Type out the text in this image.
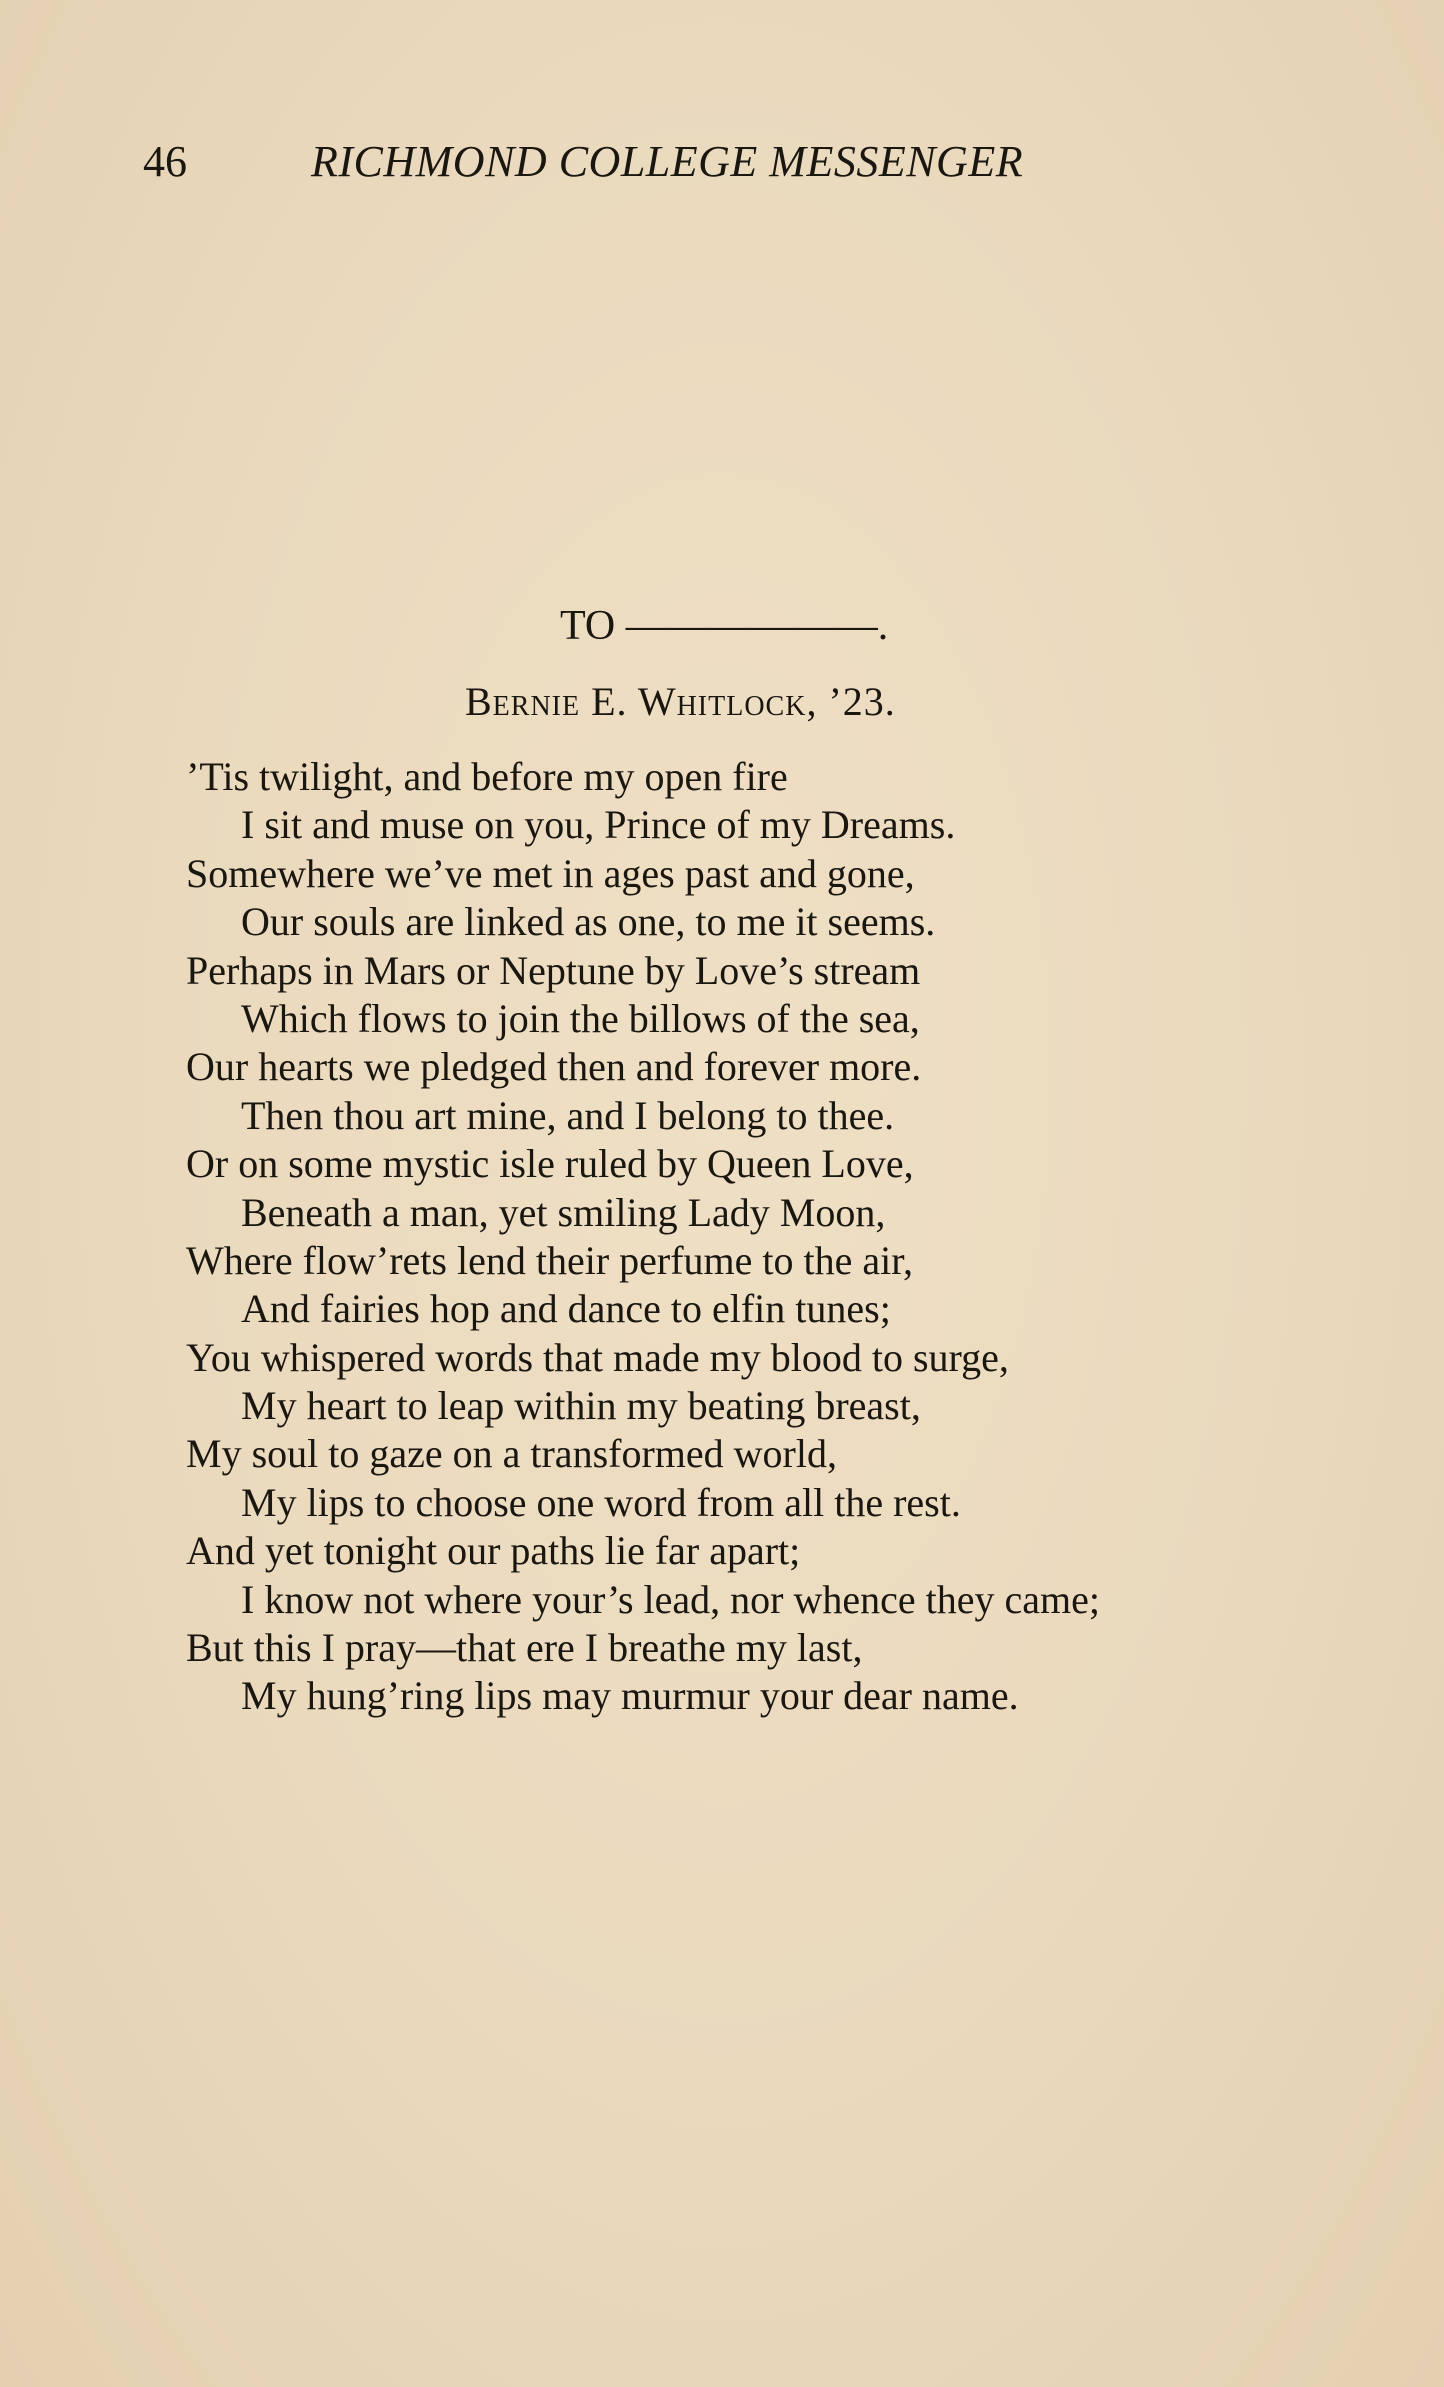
46	RICHMOND COLLEGE MESSENGER
TO ——————.
Bernie E. Whitlock, ’23.
’Tis twilight, and before my open fire
I sit and muse on you, Prince of my Dreams.
Somewhere we’ve met in ages past and gone,
Our souls are linked as one, to me it seems.
Perhaps in Mars or Neptune by Love’s stream
Which flows to join the billows of the sea,
Our hearts we pledged then and forever more.
Then thou art mine, and I belong to thee.
Or on some mystic isle ruled by Queen Love,
Beneath a man, yet smiling Lady Moon,
Where flow’rets lend their perfume to the air,
And fairies hop and dance to elfin tunes;
You whispered words that made my blood to surge,
My heart to leap within my beating breast,
My soul to gaze on a transformed world,
My lips to choose one word from all the rest.
And yet tonight our paths lie far apart;
I know not where your’s lead, nor whence they came;
But this I pray—that ere I breathe my last,
My hung’ring lips may murmur your dear name.
